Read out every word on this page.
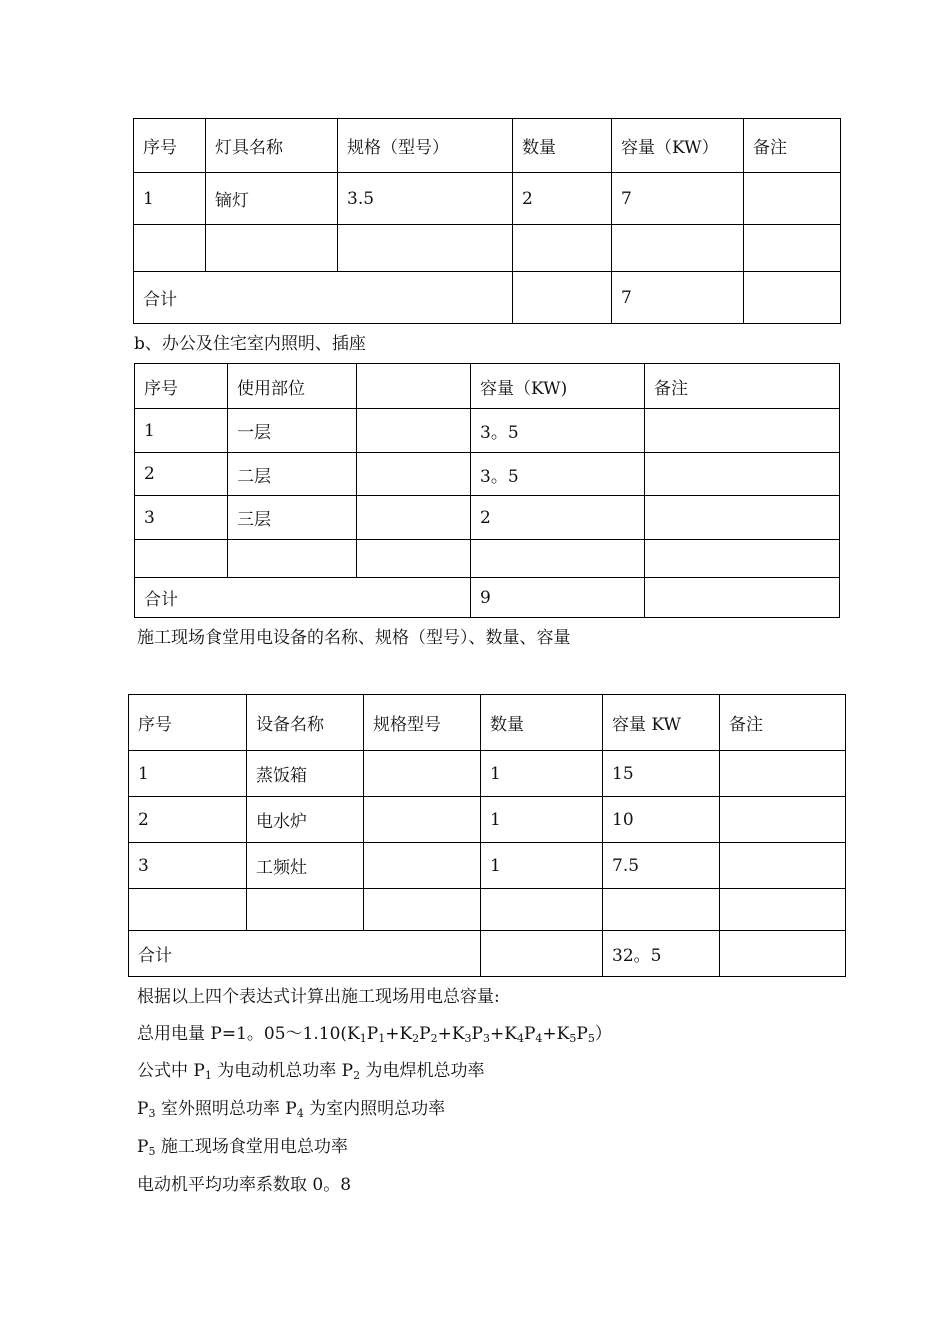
序号	灯具名称	规格（型号）	数量	容量（KW）	备注
1	镝灯	3.5	2	7	

合计				7	
b、办公及住宅室内照明、插座
序号	使用部位		容量（KW)	备注
1	一层		3。5	
2	二层		3。5	
3	三层		2	

合计			9	
施工现场食堂用电设备的名称、规格（型号）、数量、容量
序号	设备名称	规格型号	数量	容量 KW	备注
1	蒸饭箱		1	15	
2	电水炉		1	10	
3	工频灶		1	7.5	

合计				32。5	
根据以上四个表达式计算出施工现场用电总容量:
总用电量 P=1。$05\sim 1.10(K_1P_1+K_2P_2+K_3P_3+K_4P_4+K_5P_5)$
公式中 $P_1$ 为电动机总功率 $P_2$ 为电焊机总功率
$P_3$ 室外照明总功率 $P_4$ 为室内照明总功率
$P_5$ 施工现场食堂用电总功率
电动机平均功率系数取 0。8
